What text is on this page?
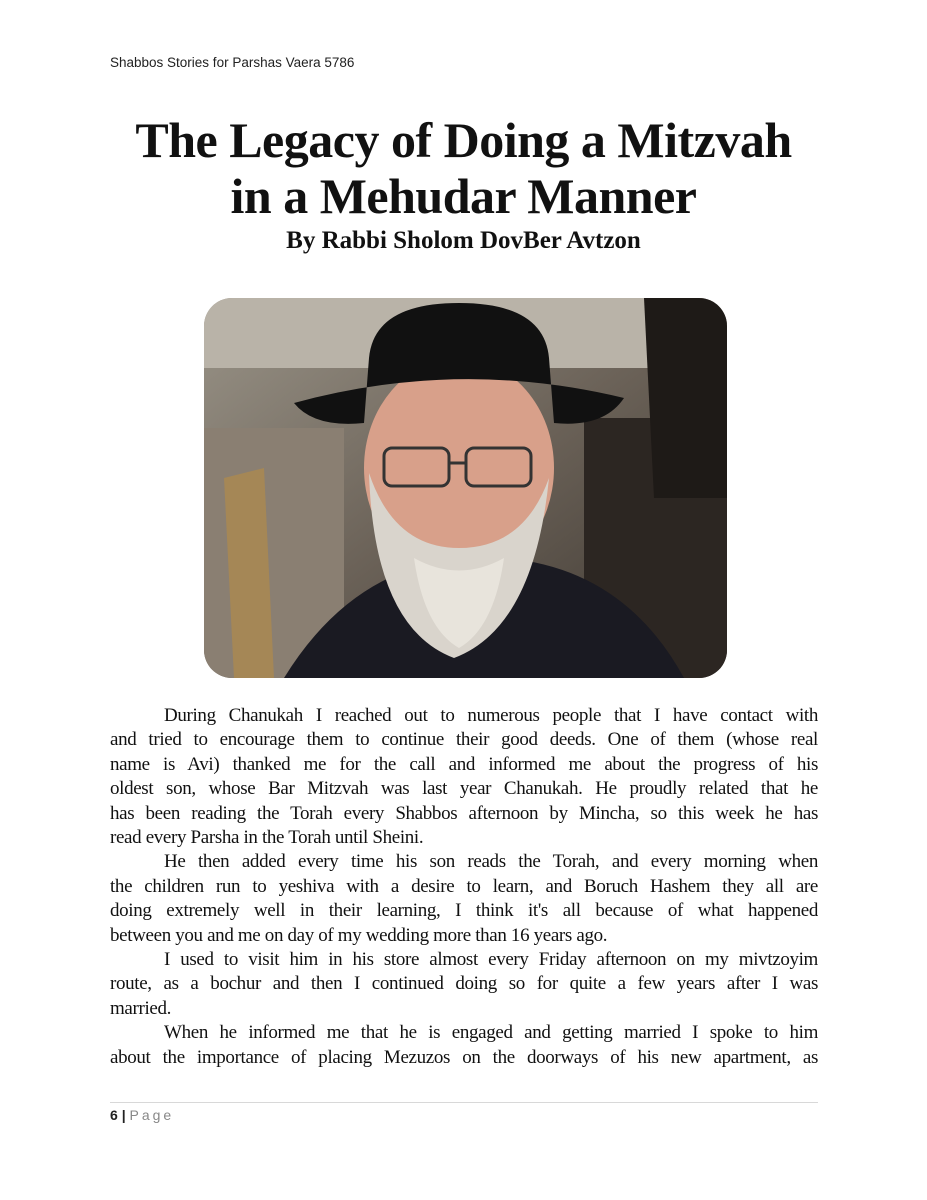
Shabbos Stories for Parshas Vaera 5786
The Legacy of Doing a Mitzvah
in a Mehudar Manner
By Rabbi Sholom DovBer Avtzon
During Chanukah I reached out to numerous people that I have contact with
and tried to encourage them to continue their good deeds. One of them (whose real
name is Avi) thanked me for the call and informed me about the progress of his
oldest son, whose Bar Mitzvah was last year Chanukah. He proudly related that he
has been reading the Torah every Shabbos afternoon by Mincha, so this week he has
read every Parsha in the Torah until Sheini.
He then added every time his son reads the Torah, and every morning when
the children run to yeshiva with a desire to learn, and Boruch Hashem they all are
doing extremely well in their learning, I think it's all because of what happened
between you and me on day of my wedding more than 16 years ago.
I used to visit him in his store almost every Friday afternoon on my mivtzoyim
route, as a bochur and then I continued doing so for quite a few years after I was
married.
When he informed me that he is engaged and getting married I spoke to him
about the importance of placing Mezuzos on the doorways of his new apartment, as
6 | Page
